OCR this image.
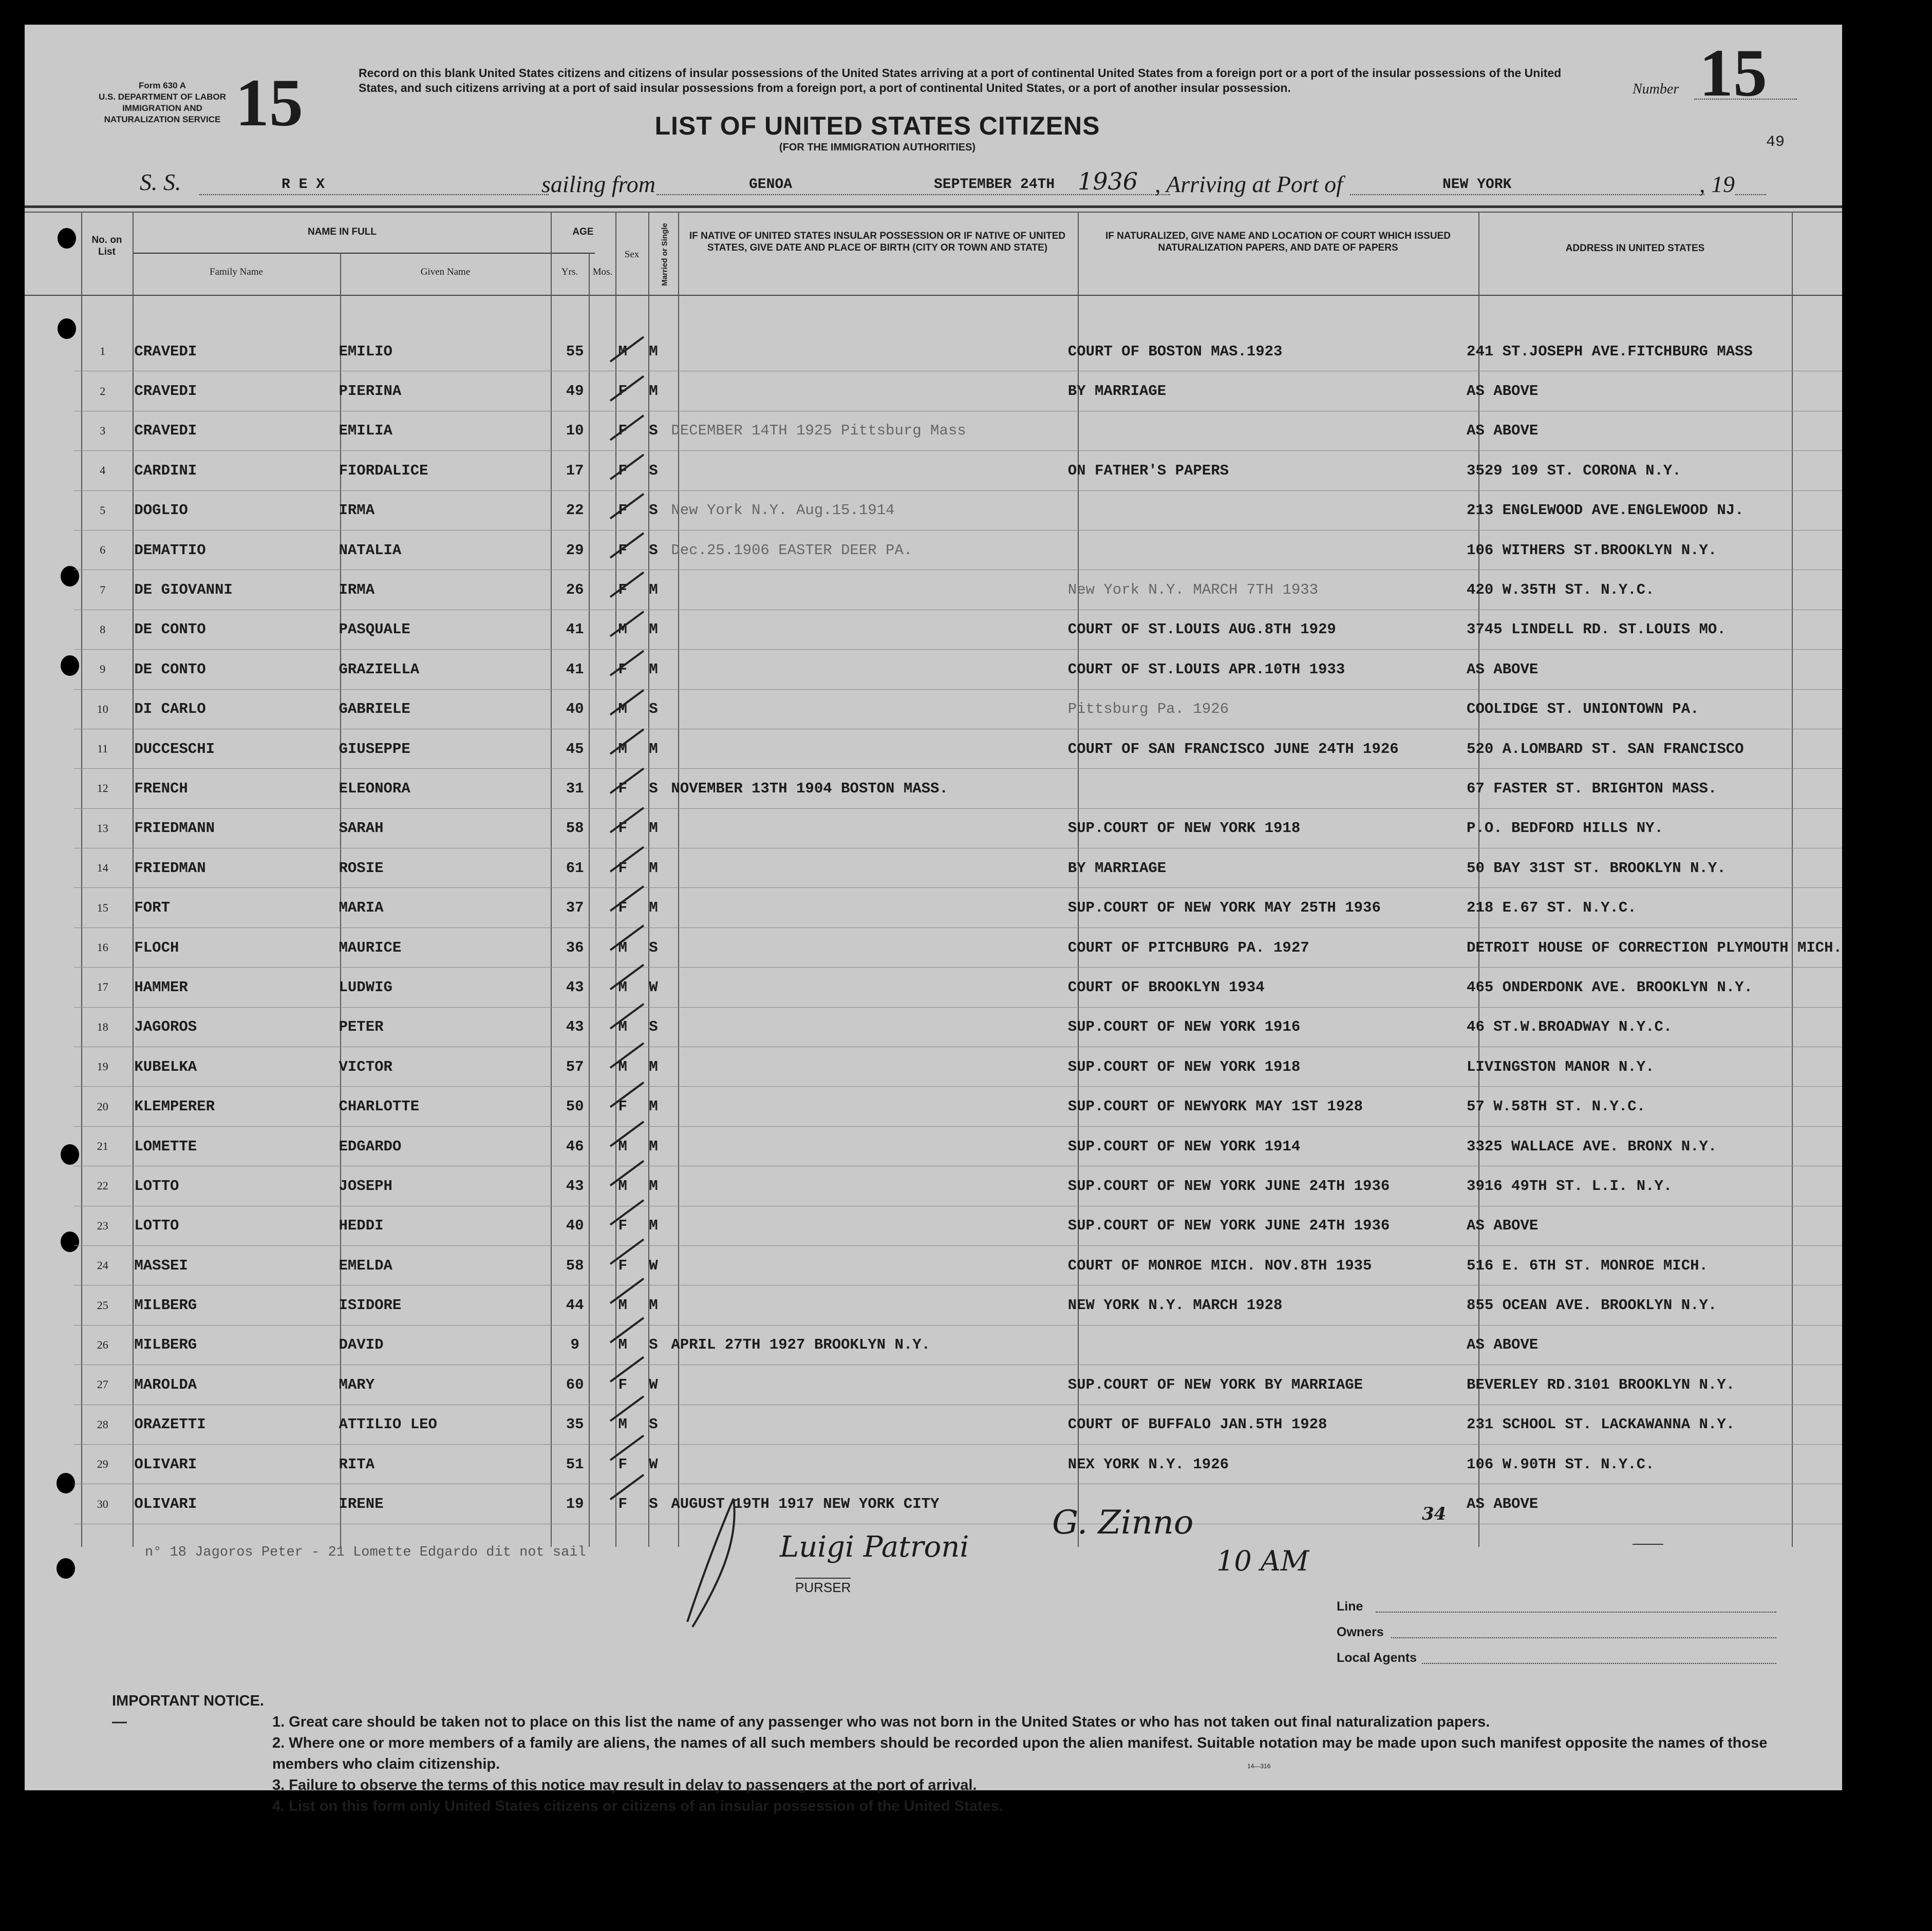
Form 630 A
U.S. DEPARTMENT OF LABOR
IMMIGRATION AND
NATURALIZATION SERVICE 15	Record on this blank United States citizens and citizens of insular possessions of the United States arriving at a port of continental United States from a foreign port or a port of the insular possessions of the United States, and such citizens arriving at a port of said insular possessions from a foreign port, a port of continental United States, or a port of another insular possession.
LIST OF UNITED STATES CITIZENS
(FOR THE IMMIGRATION AUTHORITIES)
Number 15
49
S. S.	R E X	sailing from	GENOA	SEPTEMBER 24TH 1936 , Arriving at Port of	NEW YORK	, 19
No. on List
NAME IN FULL
Family Name	Given Name
AGE
Yrs.	Mos.
Sex	Married or Single IF NATIVE OF UNITED STATES INSULAR POSSESSION OR IF NATIVE OF UNITED STATES, GIVE DATE AND PLACE OF BIRTH (CITY OR TOWN AND STATE)
IF NATURALIZED, GIVE NAME AND LOCATION OF COURT WHICH ISSUED NATURALIZATION PAPERS, AND DATE OF PAPERS	ADDRESS IN UNITED STATES
1	CRAVEDI	EMILIO	55	M	M		COURT OF BOSTON MAS.1923	241 ST.JOSEPH AVE.FITCHBURG MASS
2	CRAVEDI	PIERINA	49	F	M		BY MARRIAGE	AS ABOVE
3	CRAVEDI	EMILIA	10	F	S	DECEMBER 14TH 1925 Pittsburg Mass		AS ABOVE
4	CARDINI	FIORDALICE	17	F	S		ON FATHER'S PAPERS	3529 109 ST. CORONA N.Y.
5	DOGLIO	IRMA	22	F	S	New York N.Y. Aug.15.1914		213 ENGLEWOOD AVE.ENGLEWOOD NJ.
6	DEMATTIO	NATALIA	29	F	S	Dec.25.1906 EASTER DEER PA.		106 WITHERS ST.BROOKLYN N.Y.
7	DE GIOVANNI	IRMA	26	F	M		New York N.Y. MARCH 7TH 1933	420 W.35TH ST. N.Y.C.
8	DE CONTO	PASQUALE	41	M	M		COURT OF ST.LOUIS AUG.8TH 1929	3745 LINDELL RD. ST.LOUIS MO.
9	DE CONTO	GRAZIELLA	41	F	M		COURT OF ST.LOUIS APR.10TH 1933	AS ABOVE
10	DI CARLO	GABRIELE	40	M	S		Pittsburg Pa. 1926	COOLIDGE ST. UNIONTOWN PA.
11	DUCCESCHI	GIUSEPPE	45	M	M		COURT OF SAN FRANCISCO JUNE 24TH 1926	520 A.LOMBARD ST. SAN FRANCISCO
12	FRENCH	ELEONORA	31	F	S	NOVEMBER 13TH 1904 BOSTON MASS.		67 FASTER ST. BRIGHTON MASS.
13	FRIEDMANN	SARAH	58	F	M		SUP.COURT OF NEW YORK 1918	P.O. BEDFORD HILLS NY.
14	FRIEDMAN	ROSIE	61	F	M		BY MARRIAGE	50 BAY 31ST ST. BROOKLYN N.Y.
15	FORT	MARIA	37	F	M		SUP.COURT OF NEW YORK MAY 25TH 1936	218 E.67 ST. N.Y.C.
16	FLOCH	MAURICE	36	M	S		COURT OF PITCHBURG PA. 1927	DETROIT HOUSE OF CORRECTION PLYMOUTH MICH.
17	HAMMER	LUDWIG	43	M	W		COURT OF BROOKLYN 1934	465 ONDERDONK AVE. BROOKLYN N.Y.
18	JAGOROS	PETER	43	M	S		SUP.COURT OF NEW YORK 1916	46 ST.W.BROADWAY N.Y.C.
19	KUBELKA	VICTOR	57	M	M		SUP.COURT OF NEW YORK 1918	LIVINGSTON MANOR N.Y.
20	KLEMPERER	CHARLOTTE	50	F	M		SUP.COURT OF NEWYORK MAY 1ST 1928	57 W.58TH ST. N.Y.C.
21	LOMETTE	EDGARDO	46	M	M		SUP.COURT OF NEW YORK 1914	3325 WALLACE AVE. BRONX N.Y.
22	LOTTO	JOSEPH	43	M	M		SUP.COURT OF NEW YORK JUNE 24TH 1936	3916 49TH ST. L.I. N.Y.
23	LOTTO	HEDDI	40	F	M		SUP.COURT OF NEW YORK JUNE 24TH 1936	AS ABOVE
24	MASSEI	EMELDA	58	F	W		COURT OF MONROE MICH. NOV.8TH 1935	516 E. 6TH ST. MONROE MICH.
25	MILBERG	ISIDORE	44	M	M		NEW YORK N.Y. MARCH 1928	855 OCEAN AVE. BROOKLYN N.Y.
26	MILBERG	DAVID	9	M	S	APRIL 27TH 1927 BROOKLYN N.Y.		AS ABOVE
27	MAROLDA	MARY	60	F	W		SUP.COURT OF NEW YORK BY MARRIAGE	BEVERLEY RD.3101 BROOKLYN N.Y.
28	ORAZETTI	ATTILIO LEO	35	M	S		COURT OF BUFFALO JAN.5TH 1928	231 SCHOOL ST. LACKAWANNA N.Y.
29	OLIVARI	RITA	51	F	W		NEX YORK N.Y. 1926	106 W.90TH ST. N.Y.C.
30	OLIVARI	IRENE	19	F	S	AUGUST 19TH 1917 NEW YORK CITY		AS ABOVE
n° 18 Jagoros Peter - 21 Lomette Edgardo dit not sail	Luigi Patroni
PURSER
G. Zinno
10 AM
34
Line
Owners
Local Agents
IMPORTANT NOTICE.—	1. Great care should be taken not to place on this list the name of any passenger who was not born in the United States or who has not taken out final naturalization papers.
2. Where one or more members of a family are aliens, the names of all such members should be recorded upon the alien manifest. Suitable notation may be made upon such manifest opposite the names of those members who claim citizenship.
3. Failure to observe the terms of this notice may result in delay to passengers at the port of arrival.
4. List on this form only United States citizens or citizens of an insular possession of the United States.
14—316
